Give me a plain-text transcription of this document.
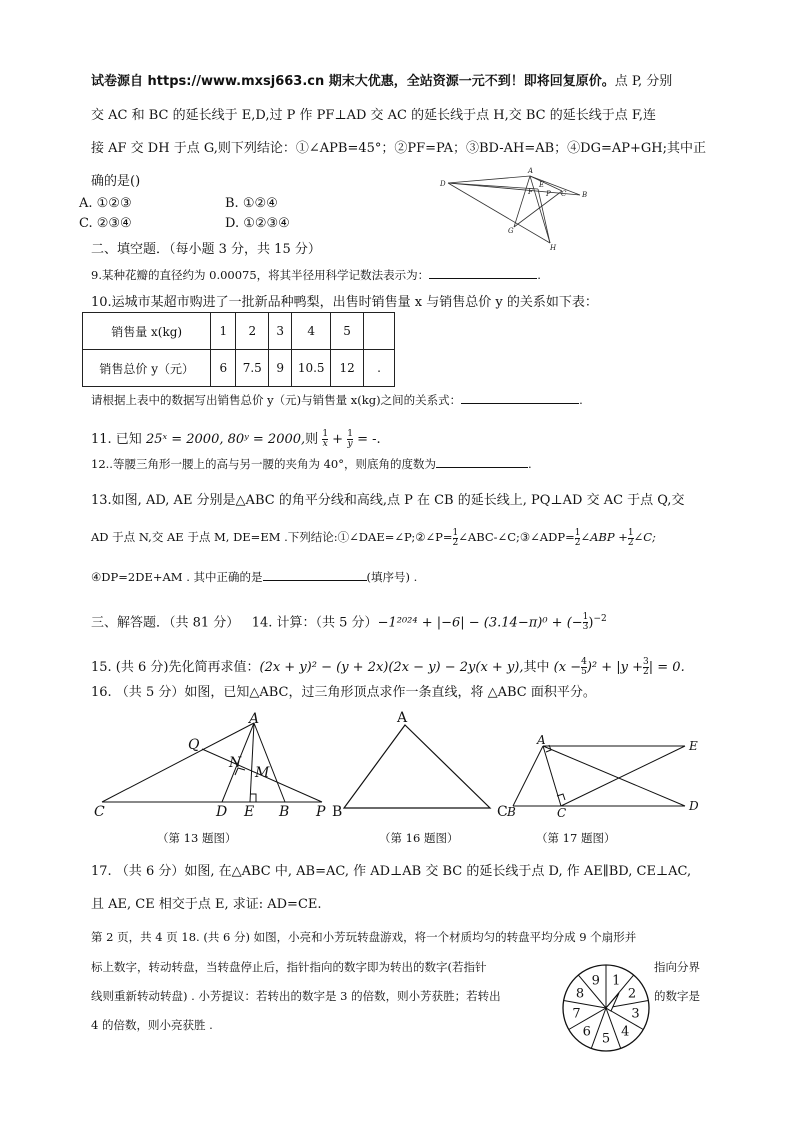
试卷源自 https://www.mxsj663.cn 期末大优惠，全站资源一元不到！即将回复原价。点 P, 分别
交 AC 和 BC 的延长线于 E,D,过 P 作 PF⊥AD 交 AC 的延长线于点 H,交 BC 的延长线于点 F,连
接 AF 交 DH 于点 G,则下列结论：①∠APB=45°；②PF=PA；③BD-AH=AB；④DG=AP+GH;其中正
确的是()
A. ①②③	B. ①②④
C. ②③④	D. ①②③④
D
F
E
P C B
A
G
H
二、填空题．（每小题 3 分，共 15 分）
9.某种花瓣的直径约为 0.00075，将其半径用科学记数法表示为：	.
10.运城市某超市购进了一批新品种鸭梨，出售时销售量 x 与销售总价 y 的关系如下表：
销售量 x(kg)	1	2	3	4	5	
销售总价 y（元）	6	7.5	9	10.5	12	.
请根据上表中的数据写出销售总价 y（元)与销售量 x(kg)之间的关系式：	.
11. 已知 25ˣ = 2000, 80ʸ = 2000,则 $\frac{1}{x} + \frac{1}{y}$ = -.
12..等腰三角形一腰上的高与另一腰的夹角为 40°，则底角的度数为	.
13.如图, AD, AE 分别是△ABC 的角平分线和高线,点 P 在 CB 的延长线上, PQ⊥AD 交 AC 于点 Q,交
AD 于点 N,交 AE 于点 M, DE=EM .下列结论:①∠DAE=∠P;②∠P= 1
2∠ABC-∠C;③∠ADP= 1
2∠ABP + 1
2∠C;
④DP=2DE+AM . 其中正确的是	(填序号) .
三、解答题．（共 81 分） 14. 计算：（共 5 分）−1²⁰²⁴ + |−6| − (3.14−π)⁰ + (− 1
3)$^{-2}$
15. (共 6 分)先化简再求值：(2x + y)² − (y + 2x)(2x − y) − 2y(x + y),其中 (x − 4
5)² + |y + 3
2| = 0.
16. （共 5 分）如图，已知△ABC，过三角形顶点求作一条直线，将 △ABC 面积平分。
A
Q
N
M
C	D E B P
A
B	C
A	E
B	C	D
（第 13 题图）	（第 16 题图）	（第 17 题图）
17. （共 6 分）如图, 在△ABC 中, AB=AC, 作 AD⊥AB 交 BC 的延长线于点 D, 作 AE∥BD, CE⊥AC,
且 AE, CE 相交于点 E, 求证: AD=CE.
第 2 页，共 4 页 18. (共 6 分) 如图，小亮和小芳玩转盘游戏，将一个材质均匀的转盘平均分成 9 个扇形并
标上数字，转动转盘，当转盘停止后，指针指向的数字即为转出的数字(若指针	指向分界
线则重新转动转盘) . 小芳提议：若转出的数字是 3 的倍数，则小芳获胜；若转出	的数字是
4 的倍数，则小亮获胜 .
1
2
3
4
5
6
7
8
9
